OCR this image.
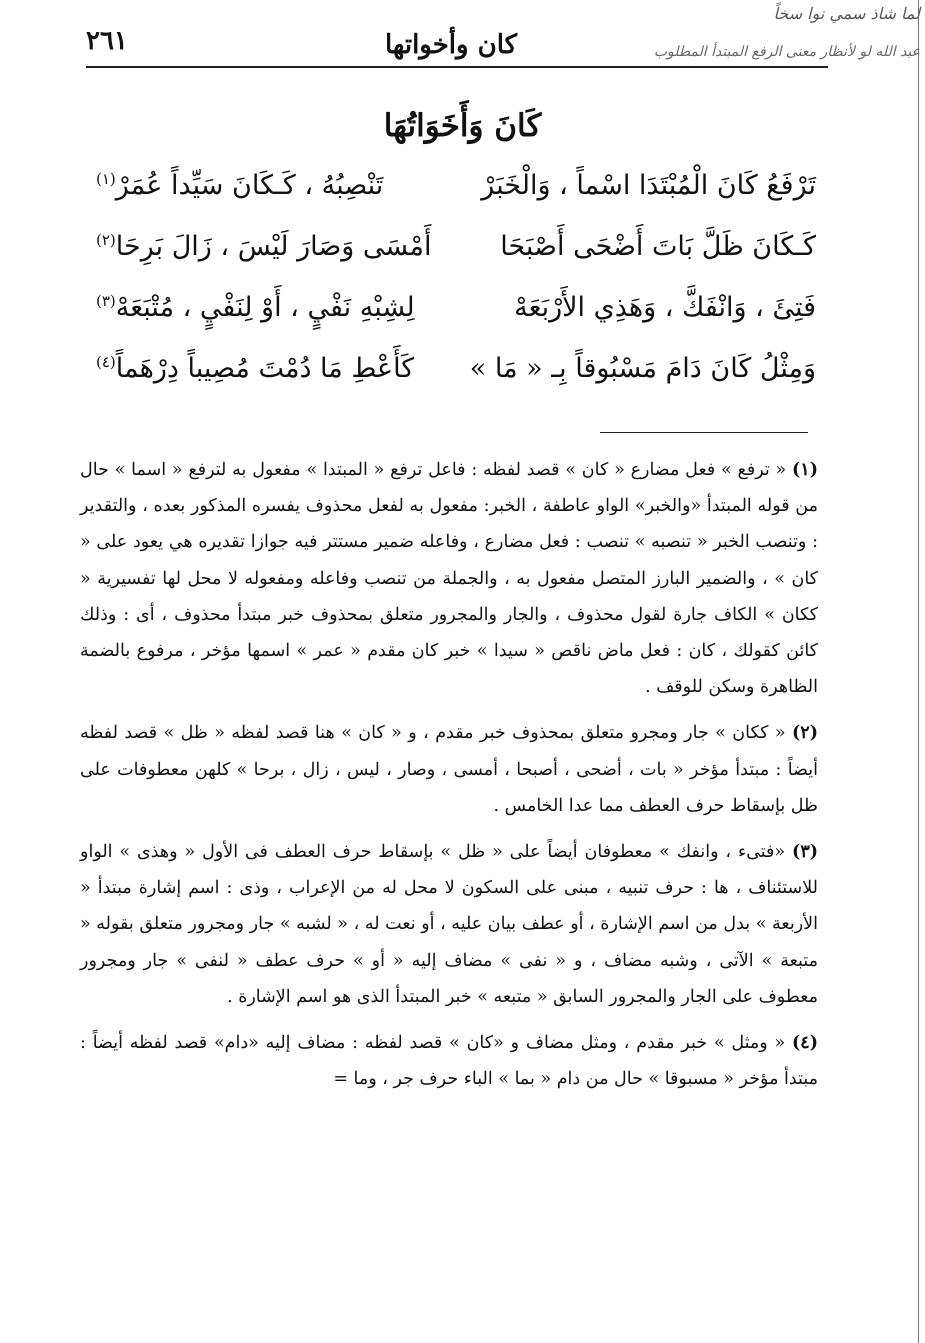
لما شاذ سمي نوا سخاً
عبد الله لو لأنظار معنى الرفع المبتدأ المطلوب
كان وأخواتها
٢٦١
كَانَ وَأَخَوَاتُهَا
تَرْفَعُ كَانَ الْمُبْتَدَا اسْماً ، وَالْخَبَرْ
تَنْصِبُهُ ، كَـكَانَ سَيِّداً عُمَرْ$^{(١)}$
كَـكَانَ ظَلَّ بَاتَ أَضْحَى أَصْبَحَا
أَمْسَى وَصَارَ لَيْسَ ، زَالَ بَرِحَا$^{(٢)}$
فَتِئَ ، وَانْفَكَّ ، وَهَذِي الأَرْبَعَهْ
لِشِبْهِ نَفْيٍ ، أَوْ لِنَفْيٍ ، مُتْبَعَهْ$^{(٣)}$
وَمِثْلُ كَانَ دَامَ مَسْبُوقاً بِـ « مَا »
كَأَعْطِ مَا دُمْتَ مُصِيباً دِرْهَماً$^{(٤)}$

(١) « ترفع » فعل مضارع « كان » قصد لفظه : فاعل ترفع « المبتدا » مفعول به لترفع « اسما » حال من قوله المبتدأ «والخبر» الواو عاطفة ، الخبر: مفعول به لفعل محذوف يفسره المذكور بعده ، والتقدير : وتنصب الخبر « تنصبه » تنصب : فعل مضارع ، وفاعله ضمير مستتر فيه جوازا تقديره هي يعود على « كان » ، والضمير البارز المتصل مفعول به ، والجملة من تنصب وفاعله ومفعوله لا محل لها تفسيرية « ككان » الكاف جارة لقول محذوف ، والجار والمجرور متعلق بمحذوف خبر مبتدأ محذوف ، أى : وذلك كائن كقولك ، كان : فعل ماض ناقص « سيدا » خبر كان مقدم « عمر » اسمها مؤخر ، مرفوع بالضمة الظاهرة وسكن للوقف .

(٢) « ككان » جار ومجرو متعلق بمحذوف خبر مقدم ، و « كان » هنا قصد لفظه « ظل » قصد لفظه أيضاً : مبتدأ مؤخر « بات ، أضحى ، أصبحا ، أمسى ، وصار ، ليس ، زال ، برحا » كلهن معطوفات على ظل بإسقاط حرف العطف مما عدا الخامس .

(٣) «فتىء ، وانفك » معطوفان أيضاً على « ظل » بإسقاط حرف العطف فى الأول « وهذى » الواو للاستئناف ، ها : حرف تنبيه ، مبنى على السكون لا محل له من الإعراب ، وذى : اسم إشارة مبتدأ « الأربعة » بدل من اسم الإشارة ، أو عطف بيان عليه ، أو نعت له ، « لشبه » جار ومجرور متعلق بقوله « متبعة » الآتى ، وشبه مضاف ، و « نفى » مضاف إليه « أو » حرف عطف « لنفى » جار ومجرور معطوف على الجار والمجرور السابق « متبعه » خبر المبتدأ الذى هو اسم الإشارة .

(٤) « ومثل » خبر مقدم ، ومثل مضاف و «كان » قصد لفظه : مضاف إليه «دام» قصد لفظه أيضاً : مبتدأ مؤخر « مسبوقا » حال من دام « بما » الباء حرف جر ، وما =
